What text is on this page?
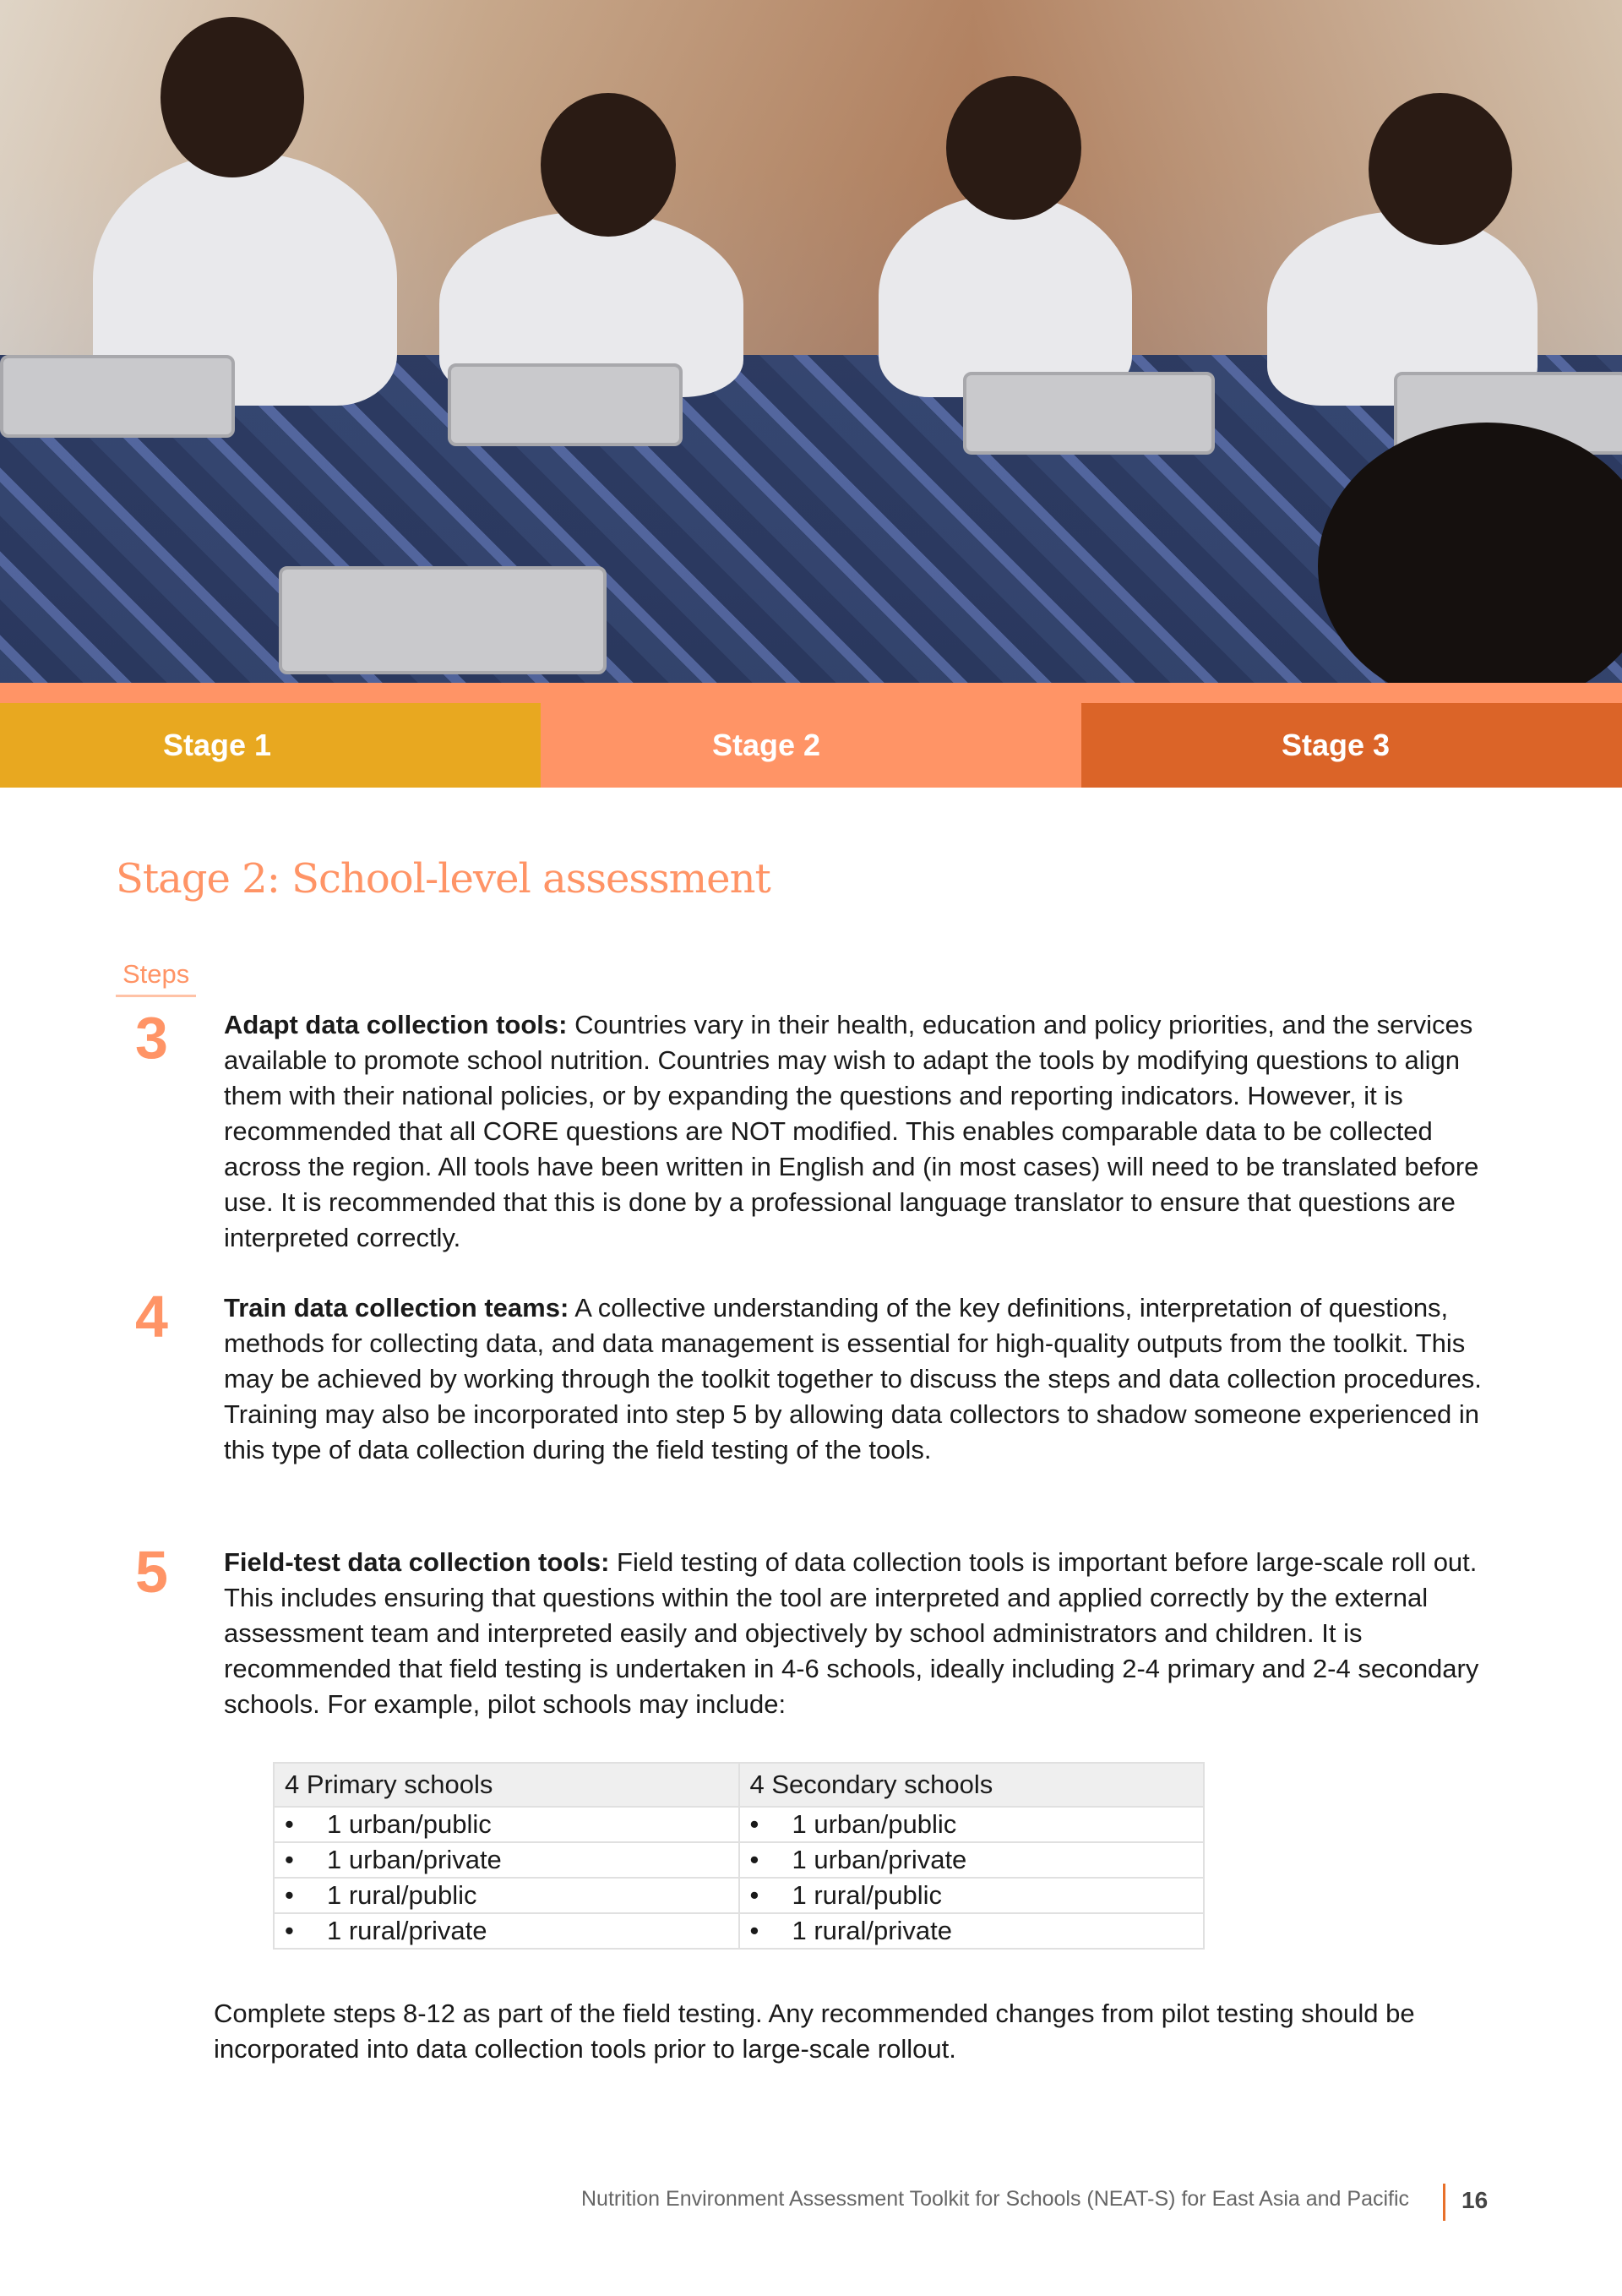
Stage 1	Stage 2	Stage 3
Stage 2: School-level assessment
Steps
3 Adapt data collection tools: Countries vary in their health, education and policy priorities, and the services available to promote school nutrition. Countries may wish to adapt the tools by modifying questions to align them with their national policies, or by expanding the questions and reporting indicators. However, it is recommended that all CORE questions are NOT modified. This enables comparable data to be collected across the region. All tools have been written in English and (in most cases) will need to be translated before use. It is recommended that this is done by a professional language translator to ensure that questions are interpreted correctly.
4 Train data collection teams: A collective understanding of the key definitions, interpretation of questions, methods for collecting data, and data management is essential for high-quality outputs from the toolkit. This may be achieved by working through the toolkit together to discuss the steps and data collection procedures. Training may also be incorporated into step 5 by allowing data collectors to shadow someone experienced in this type of data collection during the field testing of the tools.
5 Field-test data collection tools: Field testing of data collection tools is important before large-scale roll out. This includes ensuring that questions within the tool are interpreted and applied correctly by the external assessment team and interpreted easily and objectively by school administrators and children. It is recommended that field testing is undertaken in 4-6 schools, ideally including 2-4 primary and 2-4 secondary schools. For example, pilot schools may include:
4 Primary schools	4 Secondary schools
• 1 urban/public	• 1 urban/public
• 1 urban/private	• 1 urban/private
• 1 rural/public	• 1 rural/public
• 1 rural/private	• 1 rural/private
Complete steps 8-12 as part of the field testing. Any recommended changes from pilot testing should be incorporated into data collection tools prior to large-scale rollout.
Nutrition Environment Assessment Toolkit for Schools (NEAT-S) for East Asia and Pacific 16
